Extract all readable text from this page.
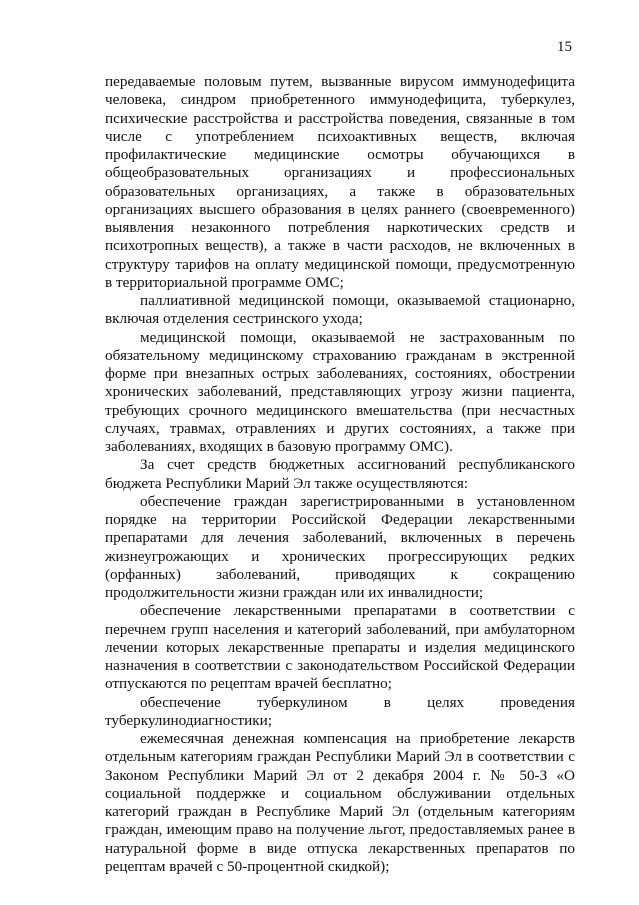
15

передаваемые половым путем, вызванные вирусом иммунодефицита человека, синдром приобретенного иммунодефицита, туберкулез, психические расстройства и расстройства поведения, связанные в том числе с употреблением психоактивных веществ, включая профилактические медицинские осмотры обучающихся в общеобразовательных организациях и профессиональных образовательных организациях, а также в образовательных организациях высшего образования в целях раннего (своевременного) выявления незаконного потребления наркотических средств и психотропных веществ), а также в части расходов, не включенных в структуру тарифов на оплату медицинской помощи, предусмотренную в территориальной программе ОМС;

паллиативной медицинской помощи, оказываемой стационарно, включая отделения сестринского ухода;

медицинской помощи, оказываемой не застрахованным по обязательному медицинскому страхованию гражданам в экстренной форме при внезапных острых заболеваниях, состояниях, обострении хронических заболеваний, представляющих угрозу жизни пациента, требующих срочного медицинского вмешательства (при несчастных случаях, травмах, отравлениях и других состояниях, а также при заболеваниях, входящих в базовую программу ОМС).

За счет средств бюджетных ассигнований республиканского бюджета Республики Марий Эл также осуществляются:

обеспечение граждан зарегистрированными в установленном порядке на территории Российской Федерации лекарственными препаратами для лечения заболеваний, включенных в перечень жизнеугрожающих и хронических прогрессирующих редких (орфанных) заболеваний, приводящих к сокращению продолжительности жизни граждан или их инвалидности;

обеспечение лекарственными препаратами в соответствии с перечнем групп населения и категорий заболеваний, при амбулаторном лечении которых лекарственные препараты и изделия медицинского назначения в соответствии с законодательством Российской Федерации отпускаются по рецептам врачей бесплатно;

обеспечение туберкулином в целях проведения туберкулинодиагностики;

ежемесячная денежная компенсация на приобретение лекарств отдельным категориям граждан Республики Марий Эл в соответствии с Законом Республики Марий Эл от 2 декабря 2004 г. № 50-З «О социальной поддержке и социальном обслуживании отдельных категорий граждан в Республике Марий Эл (отдельным категориям граждан, имеющим право на получение льгот, предоставляемых ранее в натуральной форме в виде отпуска лекарственных препаратов по рецептам врачей с 50-процентной скидкой);
